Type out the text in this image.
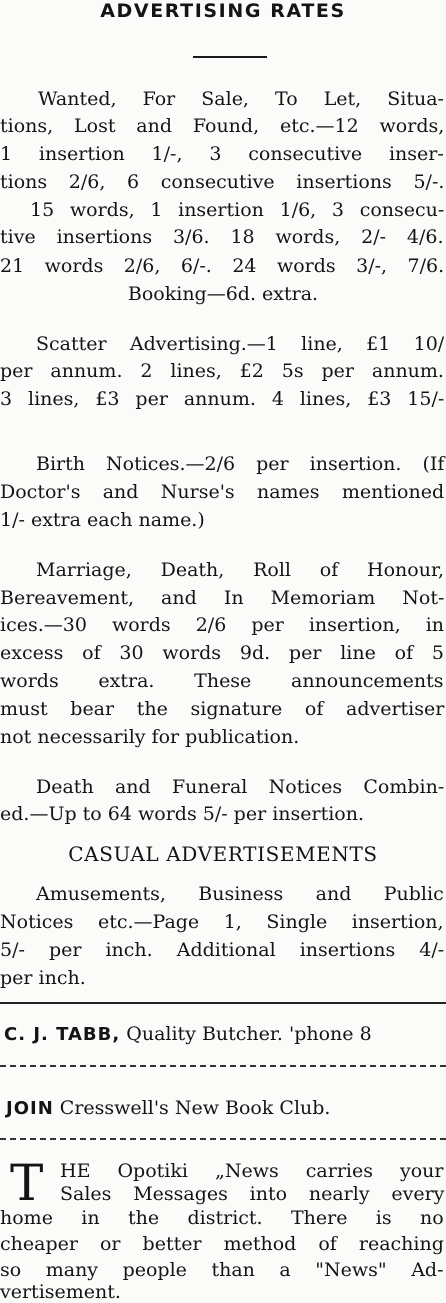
ADVERTISING RATES
Wanted, For Sale, To Let, Situa-
tions, Lost and Found, etc.—12 words,
1 insertion 1/-, 3 consecutive inser-
tions 2/6, 6 consecutive insertions 5/-.
15 words, 1 insertion 1/6, 3 consecu-
tive insertions 3/6. 18 words, 2/- 4/6.
21 words 2/6, 6/-. 24 words 3/-, 7/6.
Booking—6d. extra.
Scatter Advertising.—1 line, £1 10/
per annum. 2 lines, £2 5s per annum.
3 lines, £3 per annum. 4 lines, £3 15/-
Birth Notices.—2/6 per insertion. (If
Doctor's and Nurse's names mentioned
1/- extra each name.)
Marriage, Death, Roll of Honour,
Bereavement, and In Memoriam Not-
ices.—30 words 2/6 per insertion, in
excess of 30 words 9d. per line of 5
words extra. These announcements
must bear the signature of advertiser
not necessarily for publication.
Death and Funeral Notices Combin-
ed.—Up to 64 words 5/- per insertion.
CASUAL ADVERTISEMENTS
Amusements, Business and Public
Notices etc.—Page 1, Single insertion,
5/- per inch. Additional insertions 4/-
per inch.
C. J. TABB, Quality Butcher. 'phone 8
JOIN Cresswell's New Book Club.
T HE Opotiki „News carries your
Sales Messages into nearly every
home in the district. There is no
cheaper or better method of reaching
so many people than a "News" Ad-
vertisement.
